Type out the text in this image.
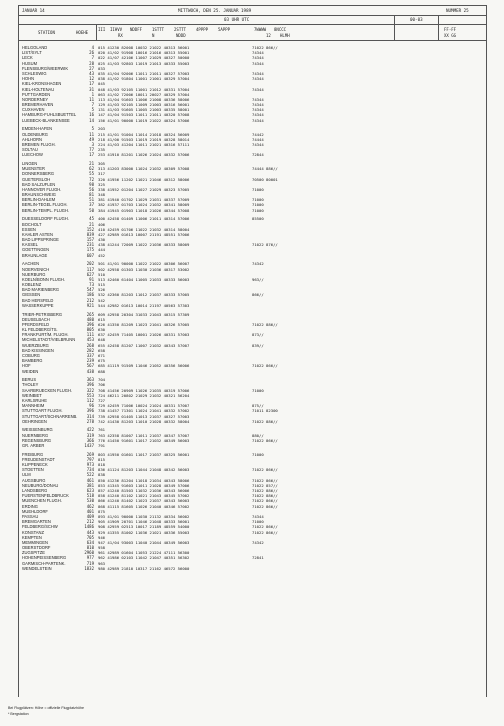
JANUAR 14	MITTWOCH, DEN 25. JANUAR 1989	NUMMER 25
03 UHR UTC	00-03
STATION	HOEHE
III IIHVV
RX
NDDFF
N
1STTT 2STTT
NDDD
4PPPP 5APPP	7WWWW 8NCCC
12 HLMH
FF-FF
XX GG
HELGOLAND	4 015 41230 82008 10032 21022 40313 56001	71022 866//
LIST/SYLT	26 020 41/02 91908 10016 21016 40313 55001	74344
LECK	7 022 41/07 42106 11007 21029 40327 50000	74344
HUSUM	28 025 41/03 92803 11019 21013 40333 55003	74344
FLENSBURG/WEERWIK	27 033
SCHLESWIG	43 035 41/04 92006 11011 21011 40327 57003	74344
HOHN	12 038 41/02 91804 11001 21001 40329 57004	74344
KIEL-KRONSHAGEN	17 045
KIEL-HOLTENAU	31 048 41/03 92105 11001 21012 40331 57004	74344
PUTTGARDEN	1 063 41/02 72006 10011 20027 40329 57004
NORDERNEY	11 113 41/04 91603 11006 21008 40336 58006	74344
BREMERHAVEN	7 129 41/03 92105 11009 21003 40316 56001	74344
CUXHAVEN	5 131 41/03 91605 11005 21003 40335 58001	74344
HAMBURG-FUHLSBUETTEL	16 147 41/04 91503 11011 21011 40320 57008	74344
LUEBECK-BLANKENSEE	14 156 41/01 90000 11019 21022 40324 57006	74344
EMDEN-HAFEN	5 203
OLDENBURG	11 215 41/01 91004 11014 21018 40324 56009	74442
AHLHORN	49 218 41/00 91503 11019 21019 40328 58014	74444
BREMEN FLUGH.	3 224 41/03 41204 11011 21021 40316 57111	74344
SOLTAU	77 235
LUECHOW	17 253 41910 81201 11026 21024 40332 57006	72844
LINGEN	21 305
MUENSTER	62 313 41203 83000 11024 21032 40309 57008	74444 886//
DONNERSBERG	55 317
GUETERSLOH	72 320 41956 11202 11021 21046 40312 58006	70500 80001
BAD SALZUFLEN	98 325
HANNOVER FLUGH.	56 338 41952 01204 11027 21029 40323 57005	71000
BRAUNSCHWEIG	81 348
BERLIN-DAHLEM	51 381 41940 01702 11029 21031 40337 57009	71000
BERLIN-TEGEL FLUGH.	37 382 41937 01703 11024 21032 40341 58009	71000
BERLIN-TEMPL. FLUGH.	50 384 41945 01903 11018 21026 40344 57008	71000
DUESSELDORF FLUGH.	45 400 42458 01409 11006 21011 40314 57006	85500
BOCHOLT	21 406
ESSEN	152 410 42459 01706 11022 21032 40314 58004
KAHLER ASTEN	839 427 42989 01613 10007 21191 48551 57006
BAD LIPPSPRINGE	157 430
KASSEL	231 438 41244 72009 11022 21036 40333 58009	71022 876//
GOETTINGEN	175 444
BRAUNLAGE	607 452
AACHEN	202 501 41/01 90000 11022 21022 40306 56007	74342
NOERVENICH	117 502 42958 01303 11030 21036 40317 53002
NUERBURG	627 510
KOELN/BONN FLUGH.	91 513 42460 61404 11005 21033 40333 56003	963//
KOBLENZ	73 515
BAD MARIENBERG	547 526
GIESSEN	186 532 42360 81203 11012 21037 40333 57005	866//
BAD HERSFELD	212 542
WASSERKUPPE	921 544 42982 01613 10014 21197 40563 57303
TRIER-PETRISBERG	265 609 42958 20304 31033 21043 40315 57309
DEUSELBACH	480 615
PFERDSFELD	396 626 41350 81209 11023 21041 40326 57005	71022 886//
KL FELDBERG/TS.	805 630
FRANKFURT/M. FLUGH.	111 637 42459 71405 10001 21026 40331 57003	873//
MICHELSTADT/VIELBRUNN	453 648
WUERZBURG	268 655 42458 81207 11007 21032 40343 57007	839//
BAD KISSINGEN	282 658
COBURG	337 671
BAMBERG	239 675
HOF	567 685 41119 91509 11046 21052 40356 56006	71022 866//
WEIDEN	438 688
BERUS	363 704
THOLEY	396 706
SAARBRUECKEN FLUGH.	322 708 41456 20909 11026 21035 40319 57006	71000
WEINBIET	553 724 46211 20802 21029 21032 40321 56204
KARLSRUHE	112 727
MANNHEIM	96 729 42459 71006 10024 21024 40331 57007	875//
STUTTGART FLUGH.	396 738 41457 71301 11024 21041 40332 57002	71011 82300
STUTTGART/SCHNARRENB.	314 739 42958 01405 11013 21037 40327 57003
OEHRINGEN	278 742 41430 81203 11010 21028 40332 58004	71022 886//
WEISSENBURG	422 761
NUERNBERG	319 763 42358 81007 11011 21037 40347 57007	880//
REGENSBURG	366 776 41450 91601 11017 21032 40349 56003	71022 866//
GR. ARBER	1437 791
FREIBURG	269 803 41950 01601 11017 21037 40325 56001	71000
FREUDENSTADT	797 815
KLIPPENECK	973 818
STOETTEN	734 836 41124 81203 11044 21048 40342 56003	71022 866//
ULM	522 838
AUGSBURG	461 850 41236 81204 11018 21034 40343 58006	71022 866//
NEUBURG/DONAU	381 853 41345 91603 11011 21028 40349 57006	71022 857//
LANDSBERG	623 857 41240 81503 11032 21036 40343 56006	71022 886//
FUERSTENFELDBRUCK	518 858 41240 81102 11021 21043 40345 57002	71022 886//
MUENCHEN FLUGH.	530 866 41240 81402 11023 21037 40343 56003	71022 866//
ERDING	462 868 41115 81605 11026 21040 40346 57002	71022 866//
MUEHLDORF	401 875
PASSAU	409 893 41/01 90000 11030 21132 40334 56002	74344
BREMGARTEN	212 905 41909 20701 11046 21048 40333 56001	71000
FELDBERG/SCHW	1486 908 42959 02513 10017 21189 48559 54000	71022 866//
KONSTANZ	443 929 41355 81002 11036 21021 40336 55003	71022 866//
KEMPTEN	705 946
MEMMINGEN	634 947 41/04 93003 11040 21044 40349 56003	74342
OBERSTDORF	810 958
ZUGSPITZE	2960 961 42989 01604 11053 21224 47111 56300
HOHENPEISSENBERG	977 962 41986 02103 11042 21047 40351 56302	72841
GARMISCH-PARTENK.	719 963
WENDELSTEIN	1832 980 42989 21810 10317 21162 46572 56000
Bei Flugplätzen: Höhe = offizielle Flugplatzhöhe
* Bergstation
